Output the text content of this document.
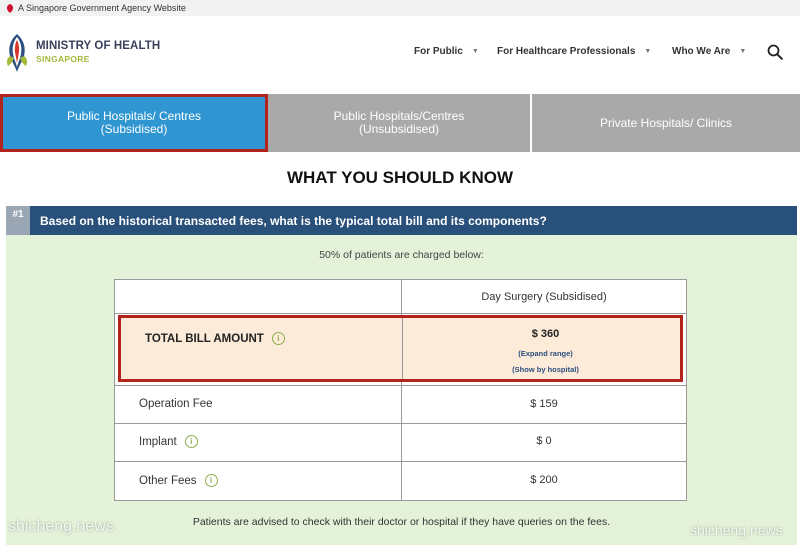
A Singapore Government Agency Website
MINISTRY OF HEALTH
SINGAPORE
For Public ▼ For Healthcare Professionals ▼ Who We Are ▼
Public Hospitals/ Centres
(Subsidised)
Public Hospitals/Centres
(Unsubsidised)	Private Hospitals/ Clinics
WHAT YOU SHOULD KNOW
#1	Based on the historical transacted fees, what is the typical total bill and its components?
50% of patients are charged below:
Day Surgery (Subsidised)
TOTAL BILL AMOUNT	i	$ 360
(Expand range)
(Show by hospital)
Operation Fee	$ 159
Implant	i	$ 0
Other Fees	i	$ 200
Patients are advised to check with their doctor or hospital if they have queries on the fees.
shicheng.news	shicheng.news
